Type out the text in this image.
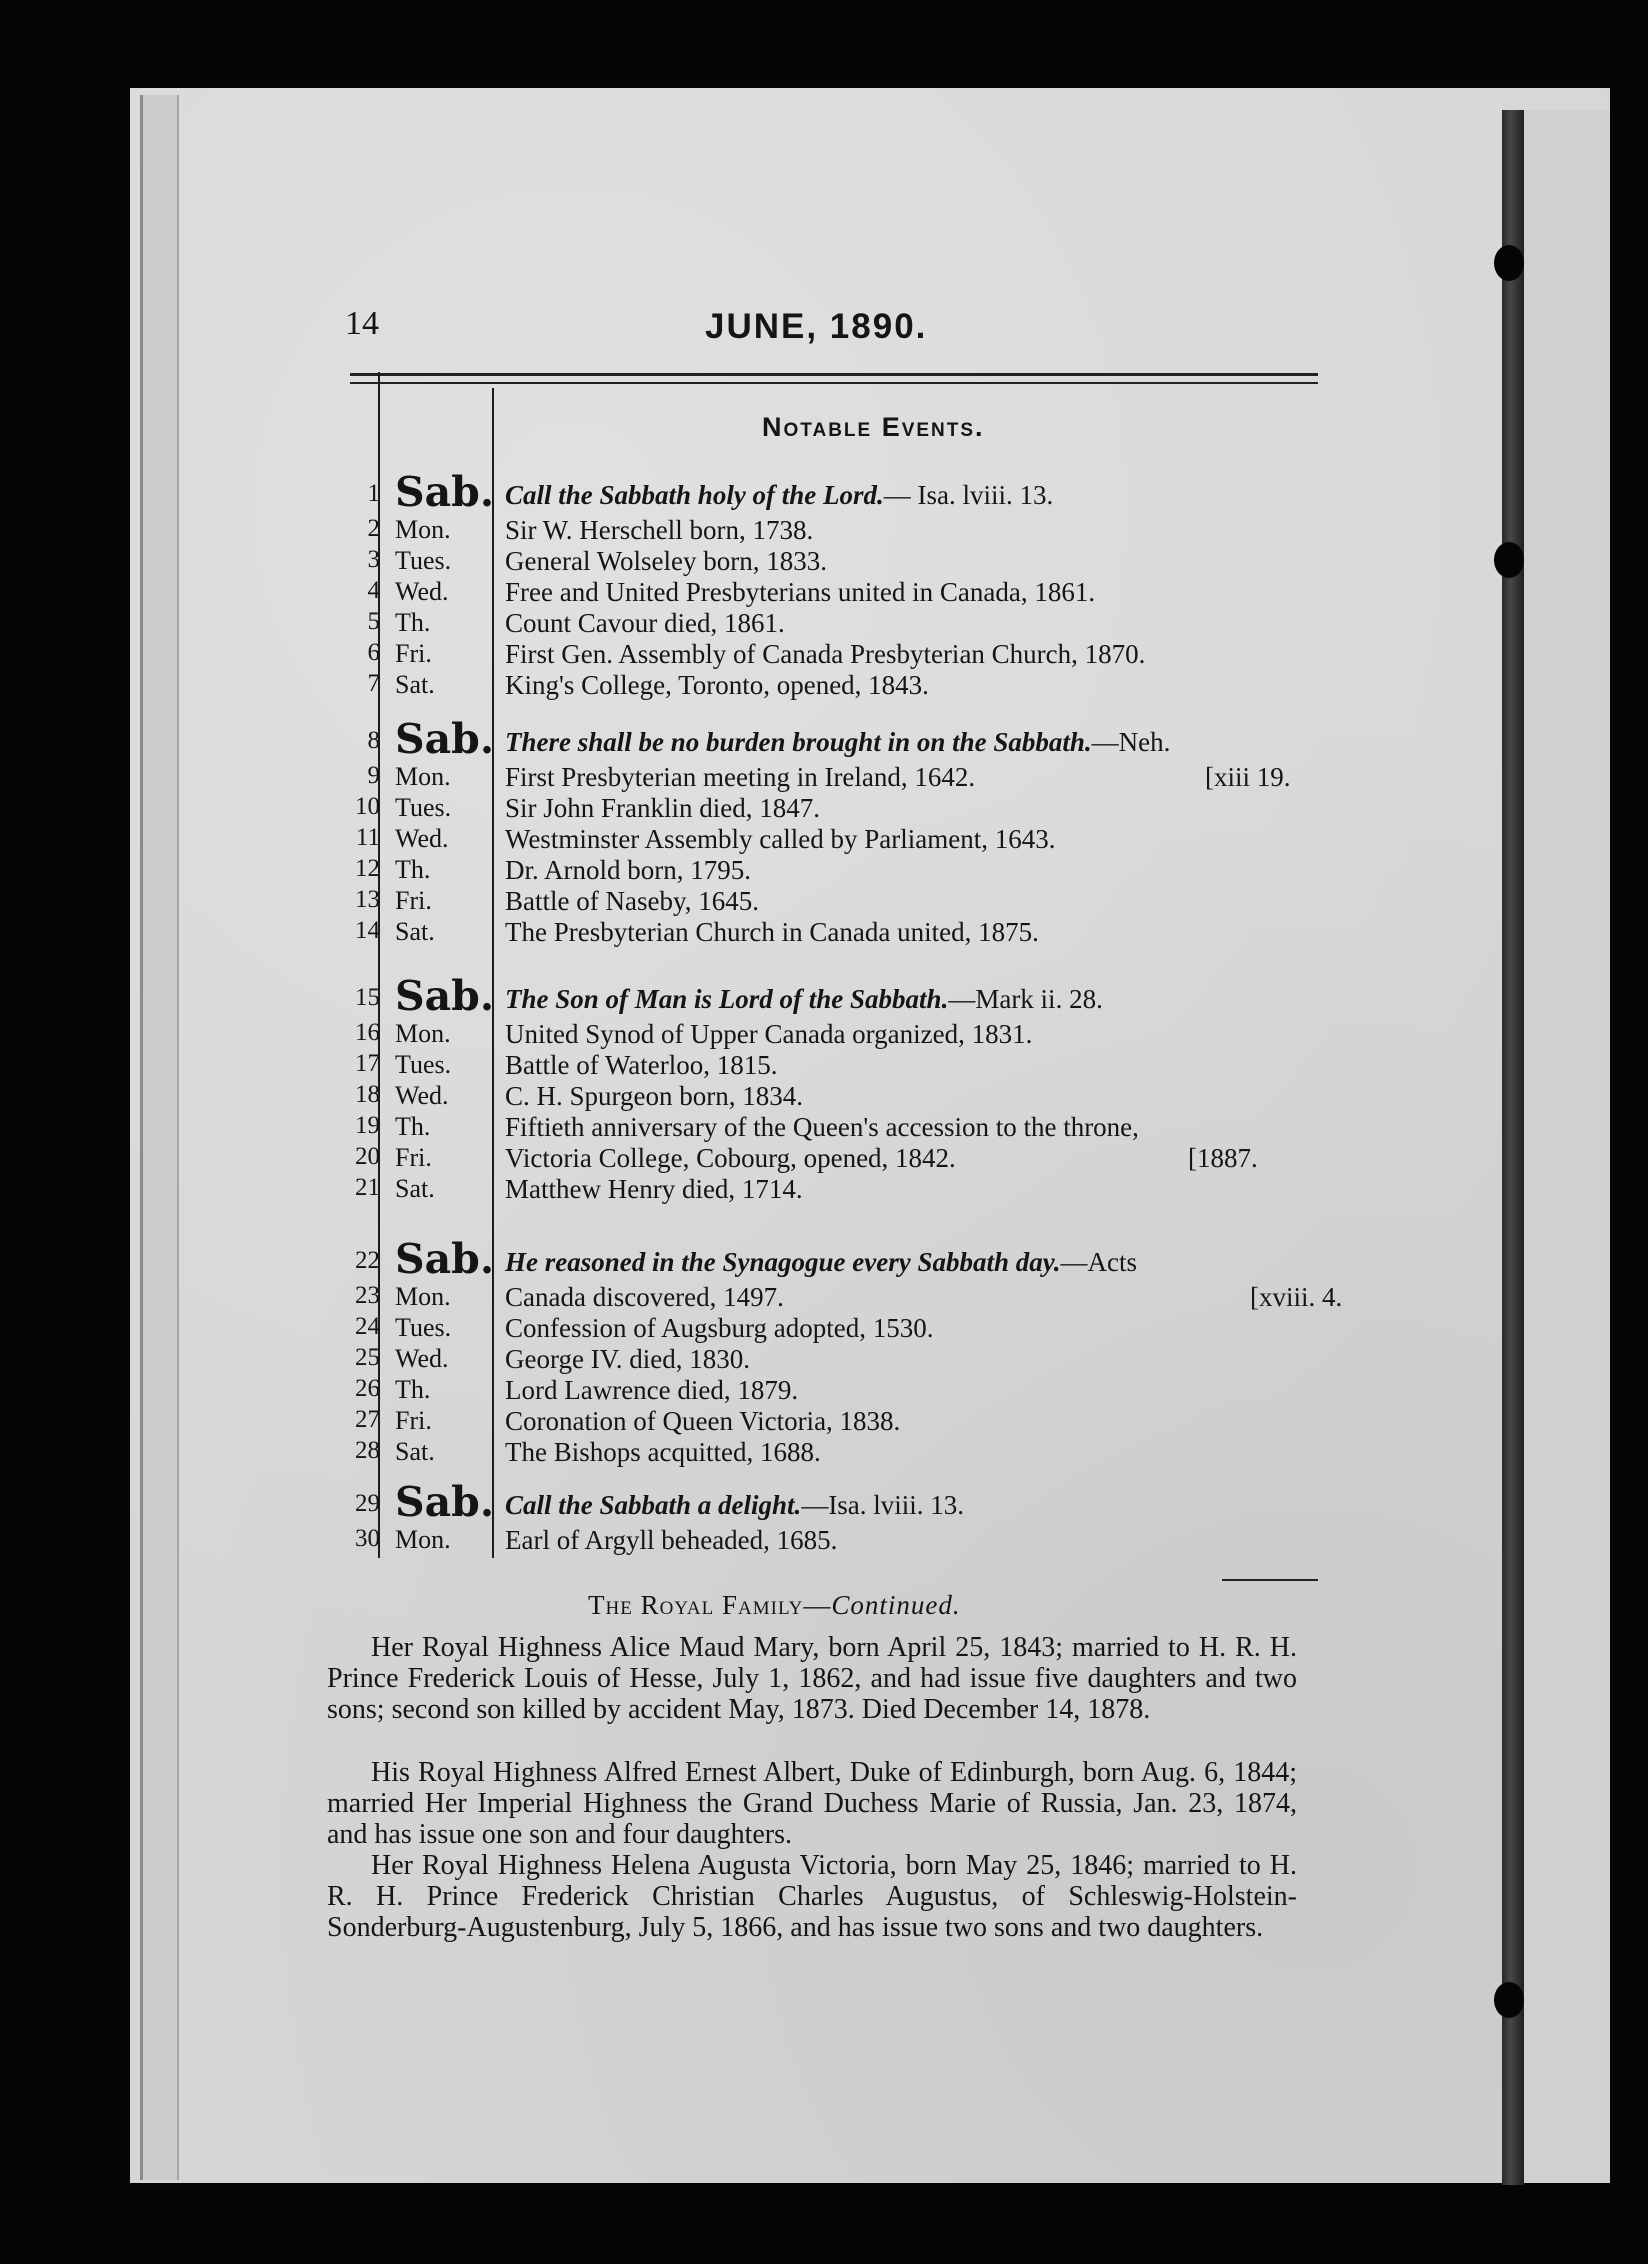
14	JUNE, 1890.
Notable Events.
1 Sab. Call the Sabbath holy of the Lord.— Isa. lviii. 13.
2 Mon. Sir W. Herschell born, 1738.
3 Tues. General Wolseley born, 1833.
4 Wed. Free and United Presbyterians united in Canada, 1861.
5 Th.	Count Cavour died, 1861.
6 Fri.	First Gen. Assembly of Canada Presbyterian Church, 1870.
7 Sat.	King's College, Toronto, opened, 1843.
8 Sab. There shall be no burden brought in on the Sabbath.—Neh.
9 Mon. First Presbyterian meeting in Ireland, 1642.	[xiii 19.
10 Tues. Sir John Franklin died, 1847.
11 Wed. Westminster Assembly called by Parliament, 1643.
12 Th.	Dr. Arnold born, 1795.
13 Fri.	Battle of Naseby, 1645.
14 Sat.	The Presbyterian Church in Canada united, 1875.
15 Sab. The Son of Man is Lord of the Sabbath.—Mark ii. 28.
16 Mon. United Synod of Upper Canada organized, 1831.
17 Tues. Battle of Waterloo, 1815.
18 Wed. C. H. Spurgeon born, 1834.
19 Th.	Fiftieth anniversary of the Queen's accession to the throne,
20 Fri.	Victoria College, Cobourg, opened, 1842.	[1887.
21 Sat.	Matthew Henry died, 1714.
22 Sab. He reasoned in the Synagogue every Sabbath day.—Acts
23 Mon. Canada discovered, 1497.	[xviii. 4.
24 Tues. Confession of Augsburg adopted, 1530.
25 Wed. George IV. died, 1830.
26 Th.	Lord Lawrence died, 1879.
27 Fri.	Coronation of Queen Victoria, 1838.
28 Sat.	The Bishops acquitted, 1688.
29 Sab. Call the Sabbath a delight.—Isa. lviii. 13.
30 Mon. Earl of Argyll beheaded, 1685.
The Royal Family—Continued.
Her Royal Highness Alice Maud Mary, born April 25, 1843; married to H. R. H. Prince Frederick Louis of Hesse, July 1, 1862, and had issue five daughters and two sons; second son killed by accident May, 1873. Died December 14, 1878.
His Royal Highness Alfred Ernest Albert, Duke of Edinburgh, born Aug. 6, 1844; married Her Imperial Highness the Grand Duchess Marie of Russia, Jan. 23, 1874, and has issue one son and four daughters.
Her Royal Highness Helena Augusta Victoria, born May 25, 1846; married to H. R. H. Prince Frederick Christian Charles Augustus, of Schleswig-Holstein-Sonderburg-Augustenburg, July 5, 1866, and has issue two sons and two daughters.
